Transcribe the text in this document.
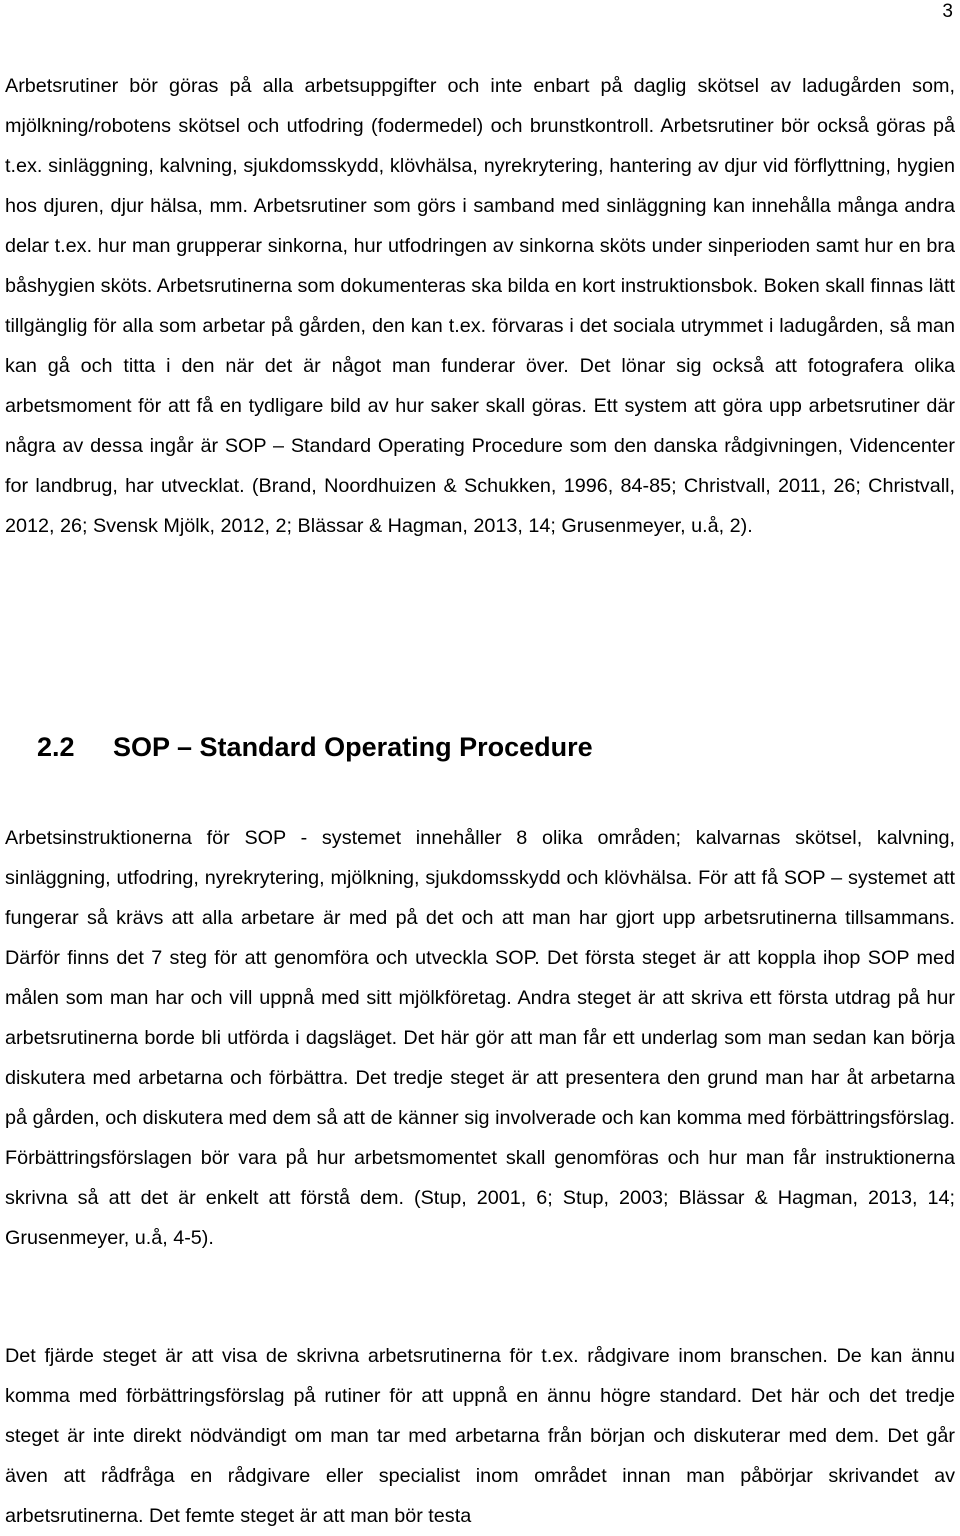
3

Arbetsrutiner bör göras på alla arbetsuppgifter och inte enbart på daglig skötsel av ladugården som, mjölkning/robotens skötsel och utfodring (fodermedel) och brunstkontroll. Arbetsrutiner bör också göras på t.ex. sinläggning, kalvning, sjukdomsskydd, klövhälsa, nyrekrytering, hantering av djur vid förflyttning, hygien hos djuren, djur hälsa, mm. Arbetsrutiner som görs i samband med sinläggning kan innehålla många andra delar t.ex. hur man grupperar sinkorna, hur utfodringen av sinkorna sköts under sinperioden samt hur en bra båshygien sköts. Arbetsrutinerna som dokumenteras ska bilda en kort instruktionsbok. Boken skall finnas lätt tillgänglig för alla som arbetar på gården, den kan t.ex. förvaras i det sociala utrymmet i ladugården, så man kan gå och titta i den när det är något man funderar över. Det lönar sig också att fotografera olika arbetsmoment för att få en tydligare bild av hur saker skall göras. Ett system att göra upp arbetsrutiner där några av dessa ingår är SOP – Standard Operating Procedure som den danska rådgivningen, Videncenter for landbrug, har utvecklat. (Brand, Noordhuizen & Schukken, 1996, 84-85; Christvall, 2011, 26; Christvall, 2012, 26; Svensk Mjölk, 2012, 2; Blässar & Hagman, 2013, 14; Grusenmeyer, u.å, 2).

2.2 SOP – Standard Operating Procedure

Arbetsinstruktionerna för SOP - systemet innehåller 8 olika områden; kalvarnas skötsel, kalvning, sinläggning, utfodring, nyrekrytering, mjölkning, sjukdomsskydd och klövhälsa. För att få SOP – systemet att fungerar så krävs att alla arbetare är med på det och att man har gjort upp arbetsrutinerna tillsammans. Därför finns det 7 steg för att genomföra och utveckla SOP. Det första steget är att koppla ihop SOP med målen som man har och vill uppnå med sitt mjölkföretag. Andra steget är att skriva ett första utdrag på hur arbetsrutinerna borde bli utförda i dagsläget. Det här gör att man får ett underlag som man sedan kan börja diskutera med arbetarna och förbättra. Det tredje steget är att presentera den grund man har åt arbetarna på gården, och diskutera med dem så att de känner sig involverade och kan komma med förbättringsförslag. Förbättringsförslagen bör vara på hur arbetsmomentet skall genomföras och hur man får instruktionerna skrivna så att det är enkelt att förstå dem. (Stup, 2001, 6; Stup, 2003; Blässar & Hagman, 2013, 14; Grusenmeyer, u.å, 4-5).

Det fjärde steget är att visa de skrivna arbetsrutinerna för t.ex. rådgivare inom branschen. De kan ännu komma med förbättringsförslag på rutiner för att uppnå en ännu högre standard. Det här och det tredje steget är inte direkt nödvändigt om man tar med arbetarna från början och diskuterar med dem. Det går även att rådfråga en rådgivare eller specialist inom området innan man påbörjar skrivandet av arbetsrutinerna. Det femte steget är att man bör testa
